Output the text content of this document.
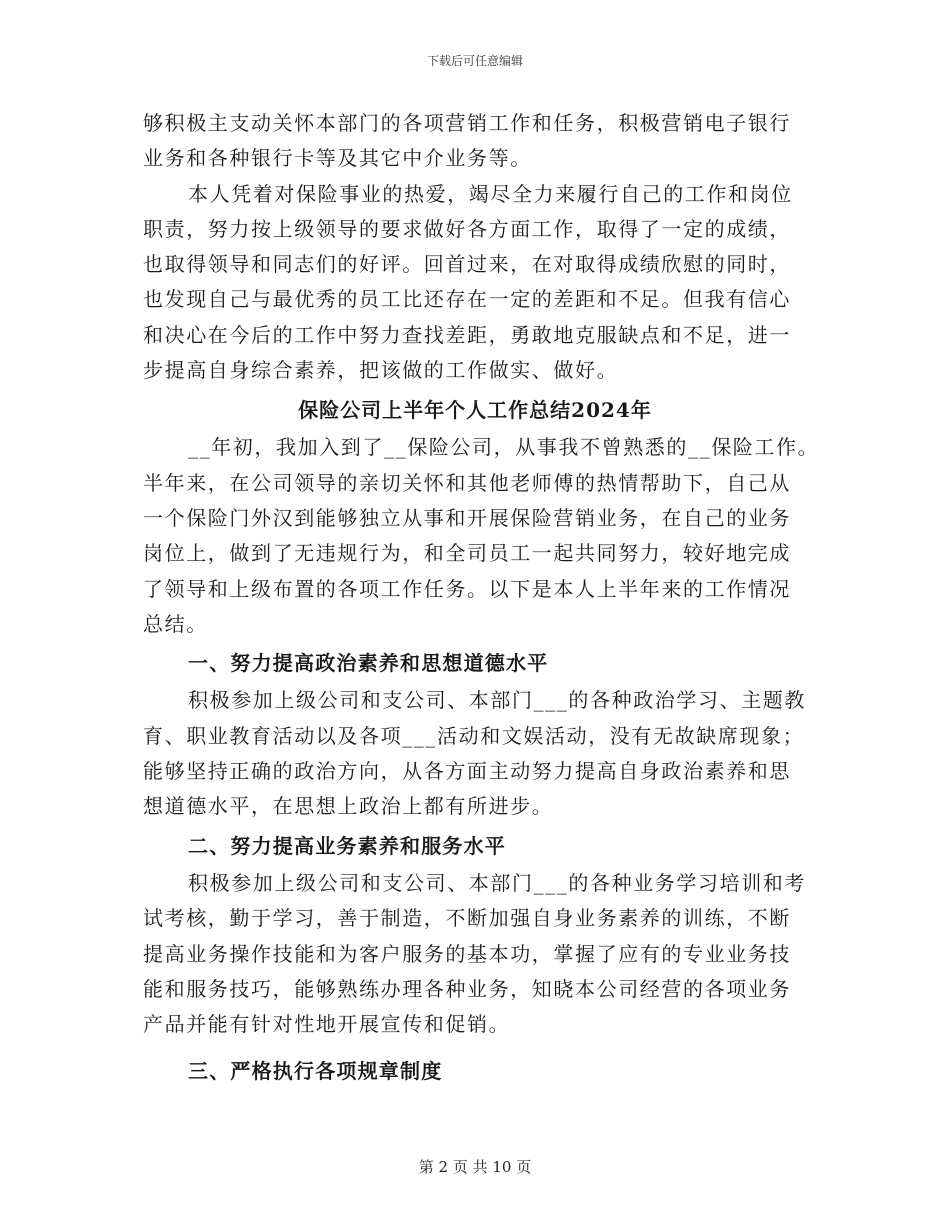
下载后可任意编辑

够积极主支动关怀本部门的各项营销工作和任务，积极营销电子银行

业务和各种银行卡等及其它中介业务等。

本人凭着对保险事业的热爱，竭尽全力来履行自己的工作和岗位

职责，努力按上级领导的要求做好各方面工作，取得了一定的成绩，

也取得领导和同志们的好评。回首过来，在对取得成绩欣慰的同时，

也发现自己与最优秀的员工比还存在一定的差距和不足。但我有信心

和决心在今后的工作中努力查找差距，勇敢地克服缺点和不足，进一

步提高自身综合素养，把该做的工作做实、做好。

保险公司上半年个人工作总结2024年

__年初，我加入到了__保险公司，从事我不曾熟悉的__保险工作。

半年来，在公司领导的亲切关怀和其他老师傅的热情帮助下，自己从

一个保险门外汉到能够独立从事和开展保险营销业务，在自己的业务

岗位上，做到了无违规行为，和全司员工一起共同努力，较好地完成

了领导和上级布置的各项工作任务。以下是本人上半年来的工作情况

总结。

一、努力提高政治素养和思想道德水平

积极参加上级公司和支公司、本部门___的各种政治学习、主题教

育、职业教育活动以及各项___活动和文娱活动，没有无故缺席现象；

能够坚持正确的政治方向，从各方面主动努力提高自身政治素养和思

想道德水平，在思想上政治上都有所进步。

二、努力提高业务素养和服务水平

积极参加上级公司和支公司、本部门___的各种业务学习培训和考

试考核，勤于学习，善于制造，不断加强自身业务素养的训练，不断

提高业务操作技能和为客户服务的基本功，掌握了应有的专业业务技

能和服务技巧，能够熟练办理各种业务，知晓本公司经营的各项业务

产品并能有针对性地开展宣传和促销。

三、严格执行各项规章制度
第 2 页 共 10 页
